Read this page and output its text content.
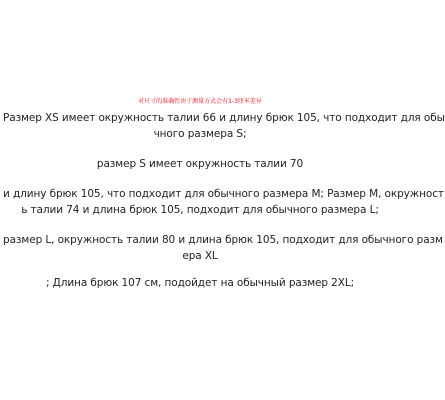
对尺寸的准确性由于测量方式会有1-3厘米差异
Размер XS имеет окружность талии 66 и длину брюк 105, что подходит для обы
чного размера S;
размер S имеет окружность талии 70
и длину брюк 105, что подходит для обычного размера M; Размер M, окружност
ь талии 74 и длина брюк 105, подходит для обычного размера L;
размер L, окружность талии 80 и длина брюк 105, подходит для обычного разм
ера XL
; Длина брюк 107 см, подойдет на обычный размер 2XL;
